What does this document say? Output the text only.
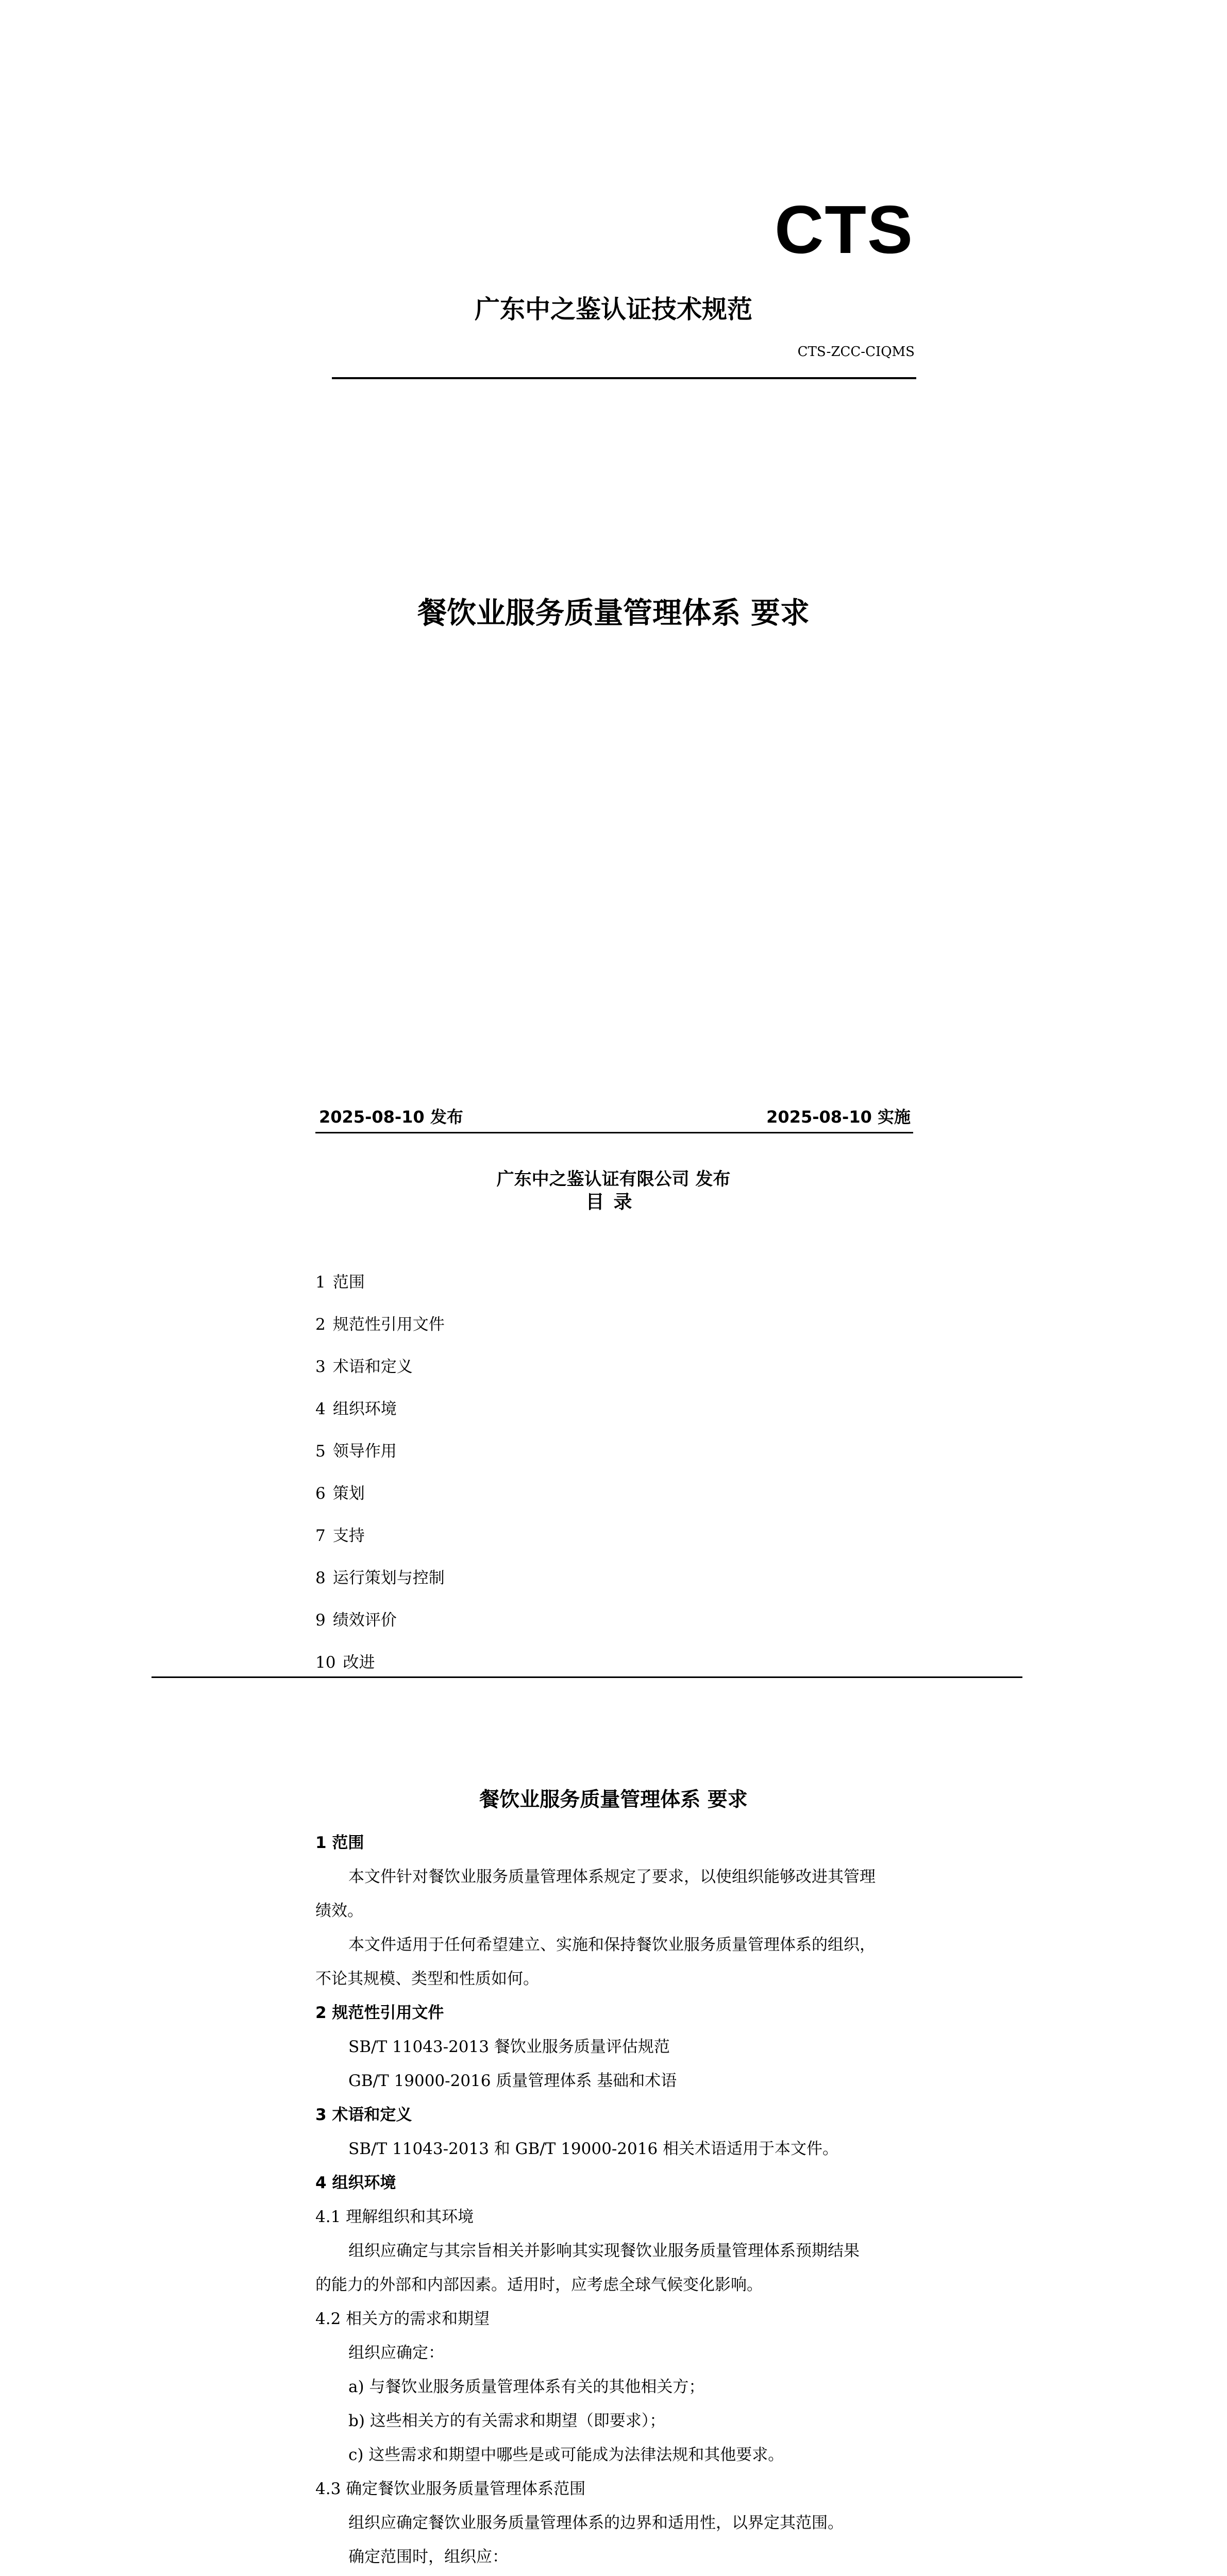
CTS
广东中之鉴认证技术规范
CTS-ZCC-CIQMS
餐饮业服务质量管理体系 要求
2025-08-10 发布	2025-08-10 实施
广东中之鉴认证有限公司 发布
目录
1 范围
2 规范性引用文件
3 术语和定义
4 组织环境
5 领导作用
6 策划
7 支持
8 运行策划与控制
9 绩效评价
10 改进
餐饮业服务质量管理体系 要求

1 范围

本文件针对餐饮业服务质量管理体系规定了要求，以使组织能够改进其管理

绩效。

本文件适用于任何希望建立、实施和保持餐饮业服务质量管理体系的组织，

不论其规模、类型和性质如何。

2 规范性引用文件

SB/T 11043-2013 餐饮业服务质量评估规范

GB/T 19000-2016 质量管理体系 基础和术语

3 术语和定义

SB/T 11043-2013 和 GB/T 19000-2016 相关术语适用于本文件。

4 组织环境

4.1 理解组织和其环境

组织应确定与其宗旨相关并影响其实现餐饮业服务质量管理体系预期结果

的能力的外部和内部因素。适用时，应考虑全球气候变化影响。

4.2 相关方的需求和期望

组织应确定：

a) 与餐饮业服务质量管理体系有关的其他相关方；

b) 这些相关方的有关需求和期望（即要求）；

c) 这些需求和期望中哪些是或可能成为法律法规和其他要求。

4.3 确定餐饮业服务质量管理体系范围

组织应确定餐饮业服务质量管理体系的边界和适用性，以界定其范围。

确定范围时，组织应：
